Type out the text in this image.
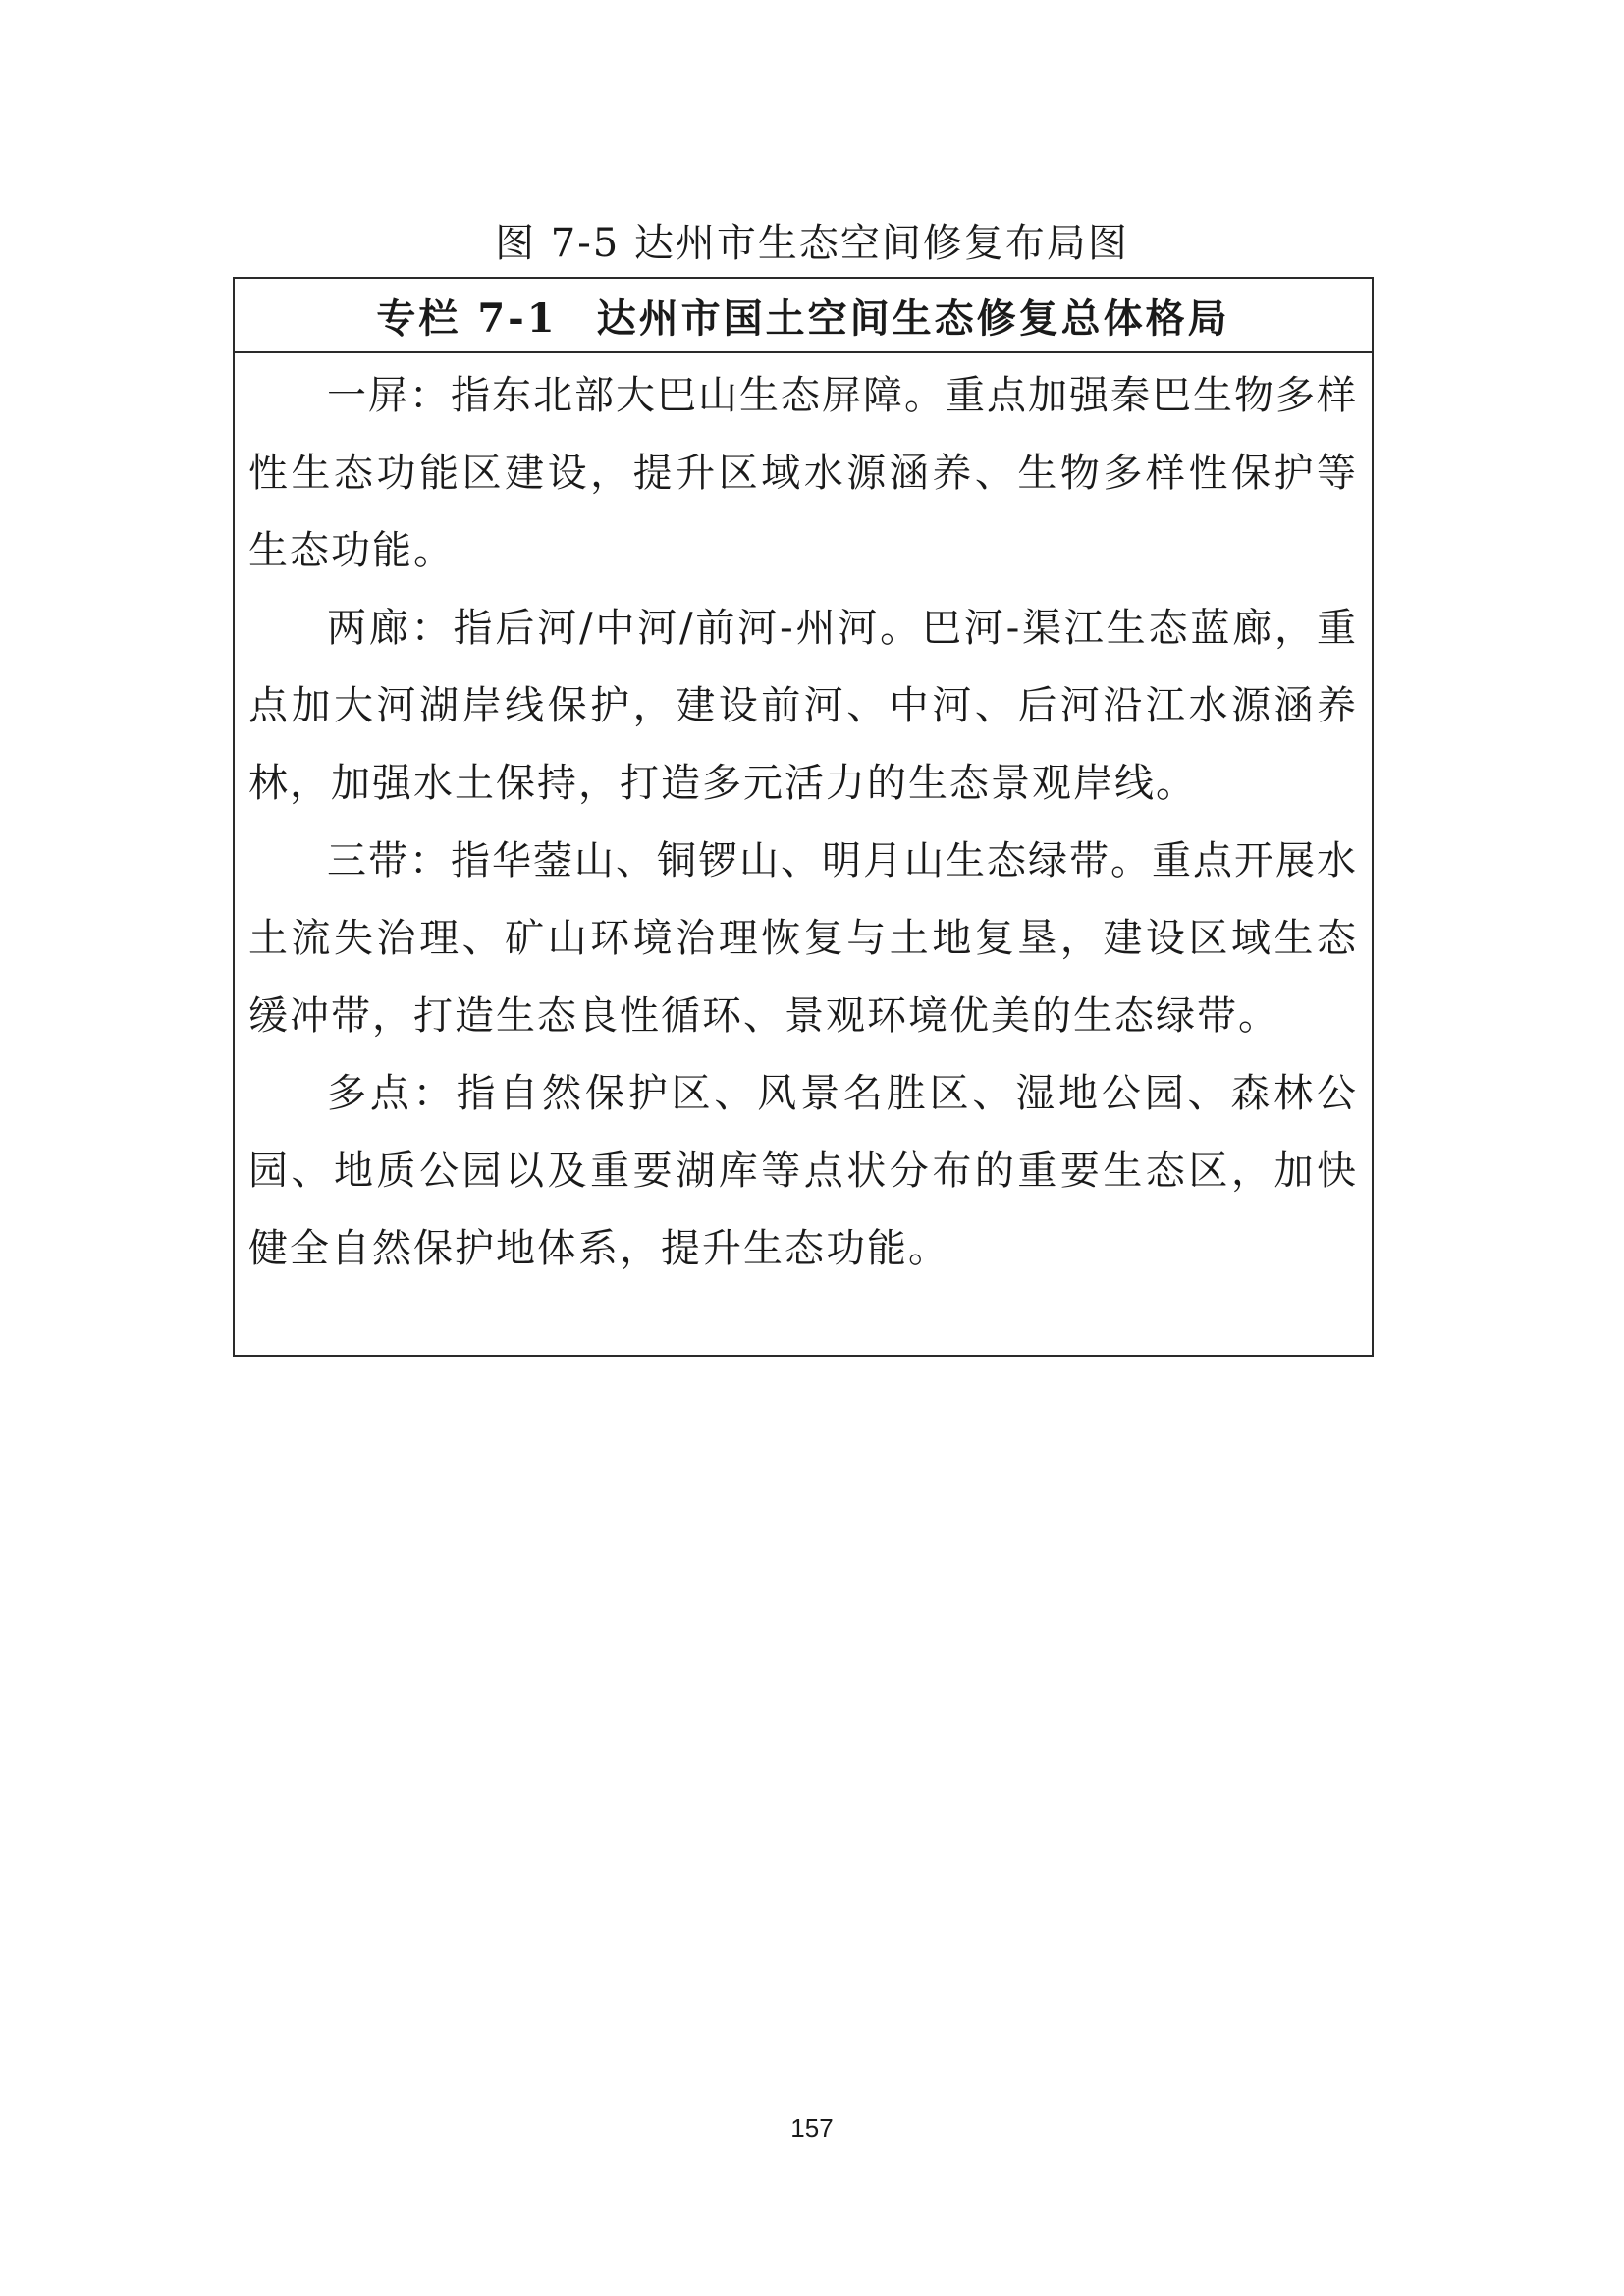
图 7-5 达州市生态空间修复布局图
专栏 7-1 达州市国土空间生态修复总体格局

一屏：指东北部大巴山生态屏障。重点加强秦巴生物多样性生态功能区建设，提升区域水源涵养、生物多样性保护等生态功能。

两廊：指后河/中河/前河-州河。巴河-渠江生态蓝廊，重点加大河湖岸线保护，建设前河、中河、后河沿江水源涵养林，加强水土保持，打造多元活力的生态景观岸线。

三带：指华蓥山、铜锣山、明月山生态绿带。重点开展水土流失治理、矿山环境治理恢复与土地复垦，建设区域生态缓冲带，打造生态良性循环、景观环境优美的生态绿带。

多点：指自然保护区、风景名胜区、湿地公园、森林公园、地质公园以及重要湖库等点状分布的重要生态区，加快健全自然保护地体系，提升生态功能。

157
